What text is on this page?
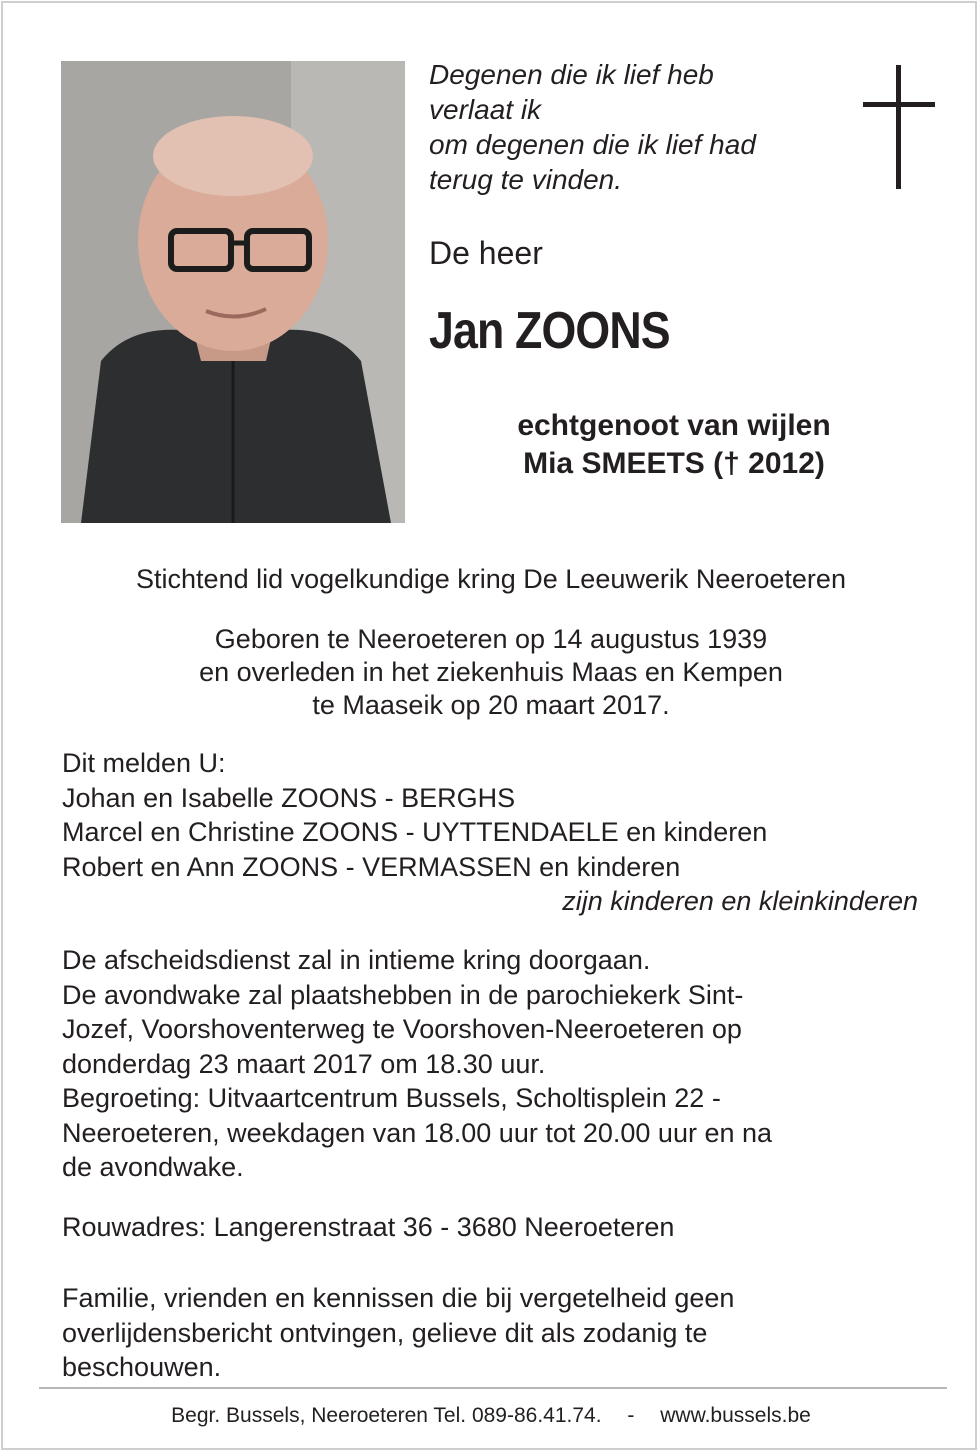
Degenen die ik lief heb
verlaat ik
om degenen die ik lief had
terug te vinden.
De heer
Jan ZOONS
echtgenoot van wijlen
Mia SMEETS († 2012)
Stichtend lid vogelkundige kring De Leeuwerik Neeroeteren
Geboren te Neeroeteren op 14 augustus 1939
en overleden in het ziekenhuis Maas en Kempen
te Maaseik op 20 maart 2017.
Dit melden U:
Johan en Isabelle ZOONS - BERGHS
Marcel en Christine ZOONS - UYTTENDAELE en kinderen
Robert en Ann ZOONS - VERMASSEN en kinderen
zijn kinderen en kleinkinderen
De afscheidsdienst zal in intieme kring doorgaan.
De avondwake zal plaatshebben in de parochiekerk Sint-
Jozef, Voorshoventerweg te Voorshoven-Neeroeteren op
donderdag 23 maart 2017 om 18.30 uur.
Begroeting: Uitvaartcentrum Bussels, Scholtisplein 22 -
Neeroeteren, weekdagen van 18.00 uur tot 20.00 uur en na
de avondwake.
Rouwadres: Langerenstraat 36 - 3680 Neeroeteren
Familie, vrienden en kennissen die bij vergetelheid geen
overlijdensbericht ontvingen, gelieve dit als zodanig te
beschouwen.
Begr. Bussels, Neeroeteren Tel. 089-86.41.74. - www.bussels.be
